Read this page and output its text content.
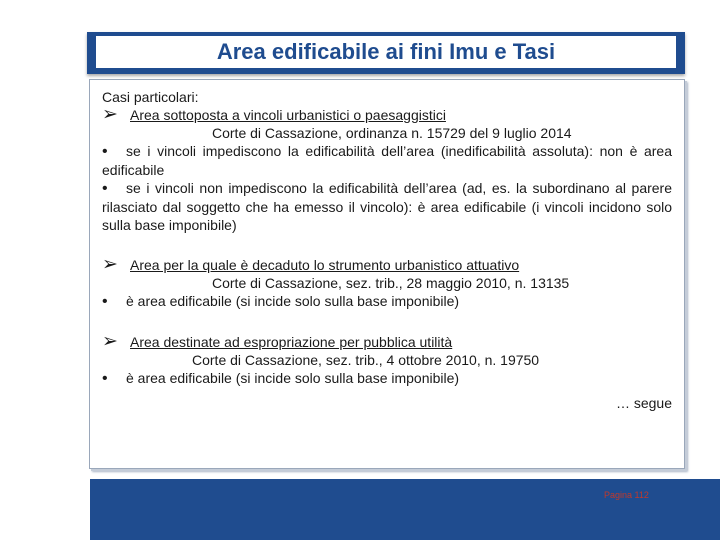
Area edificabile ai fini Imu e Tasi
Casi particolari:
➢ Area sottoposta a vincoli urbanistici o paesaggistici
Corte di Cassazione, ordinanza n. 15729 del 9 luglio 2014
• se i vincoli impediscono la edificabilità dell’area (inedificabilità assoluta): non è area edificabile
• se i vincoli non impediscono la edificabilità dell’area (ad, es. la subordinano al parere rilasciato dal soggetto che ha emesso il vincolo): è area edificabile (i vincoli incidono solo sulla base imponibile)
➢ Area per la quale è decaduto lo strumento urbanistico attuativo
Corte di Cassazione, sez. trib., 28 maggio 2010, n. 13135
• è area edificabile (si incide solo sulla base imponibile)
➢ Area destinate ad espropriazione per pubblica utilità
Corte di Cassazione, sez. trib., 4 ottobre 2010, n. 19750
• è area edificabile (si incide solo sulla base imponibile)
… segue
Pagina 112
